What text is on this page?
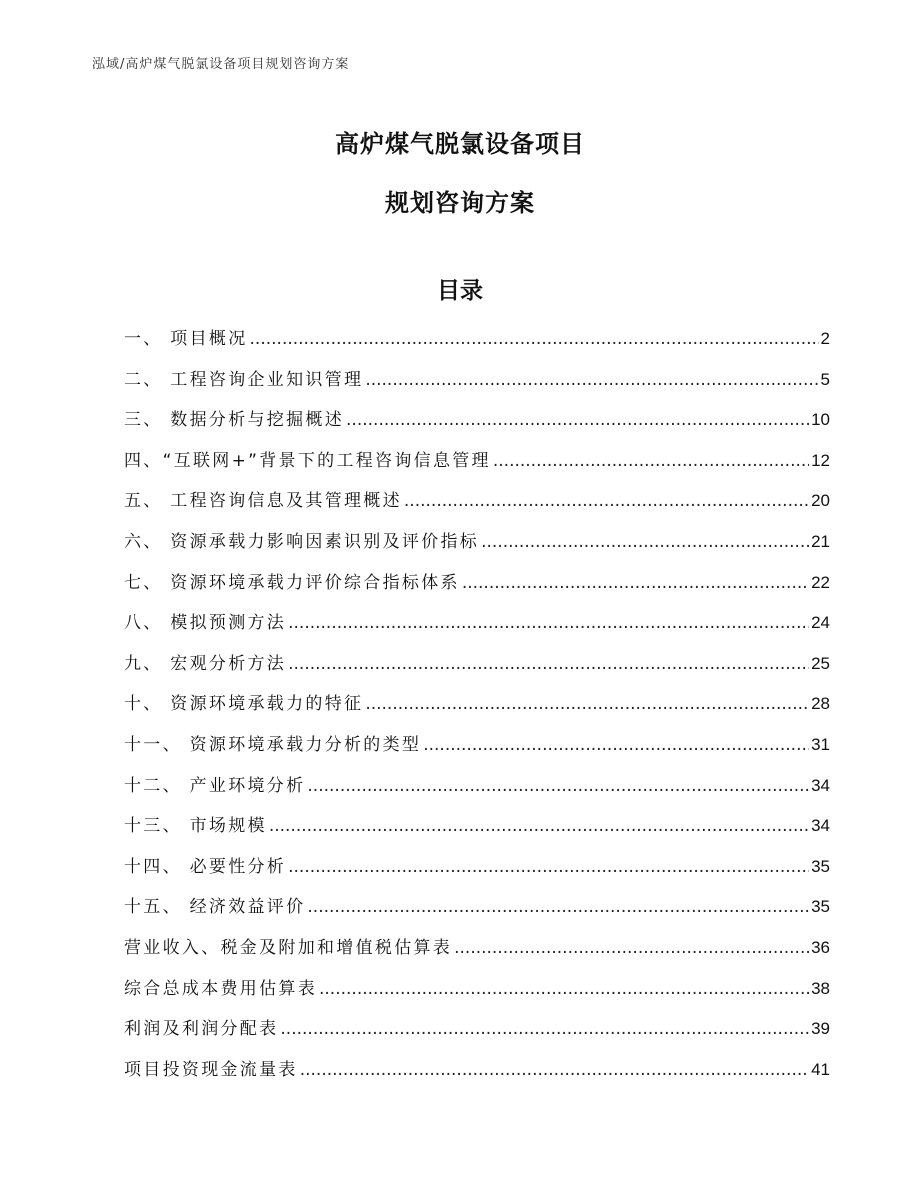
泓域/高炉煤气脱氯设备项目规划咨询方案
高炉煤气脱氯设备项目
规划咨询方案
目录
一、 项目概况 .....	2
二、 工程咨询企业知识管理 .....	5
三、 数据分析与挖掘概述 .....	10
四、“互联网+”背景下的工程咨询信息管理 .....	12
五、 工程咨询信息及其管理概述 .....	20
六、 资源承载力影响因素识别及评价指标 .....	21
七、 资源环境承载力评价综合指标体系 .....	22
八、 模拟预测方法 .....	24
九、 宏观分析方法 .....	25
十、 资源环境承载力的特征 .....	28
十一、 资源环境承载力分析的类型 .....	31
十二、 产业环境分析 .....	34
十三、 市场规模 .....	34
十四、 必要性分析 .....	35
十五、 经济效益评价 .....	35
营业收入、税金及附加和增值税估算表 .....	36
综合总成本费用估算表 .....	38
利润及利润分配表 .....	39
项目投资现金流量表 .....	41
